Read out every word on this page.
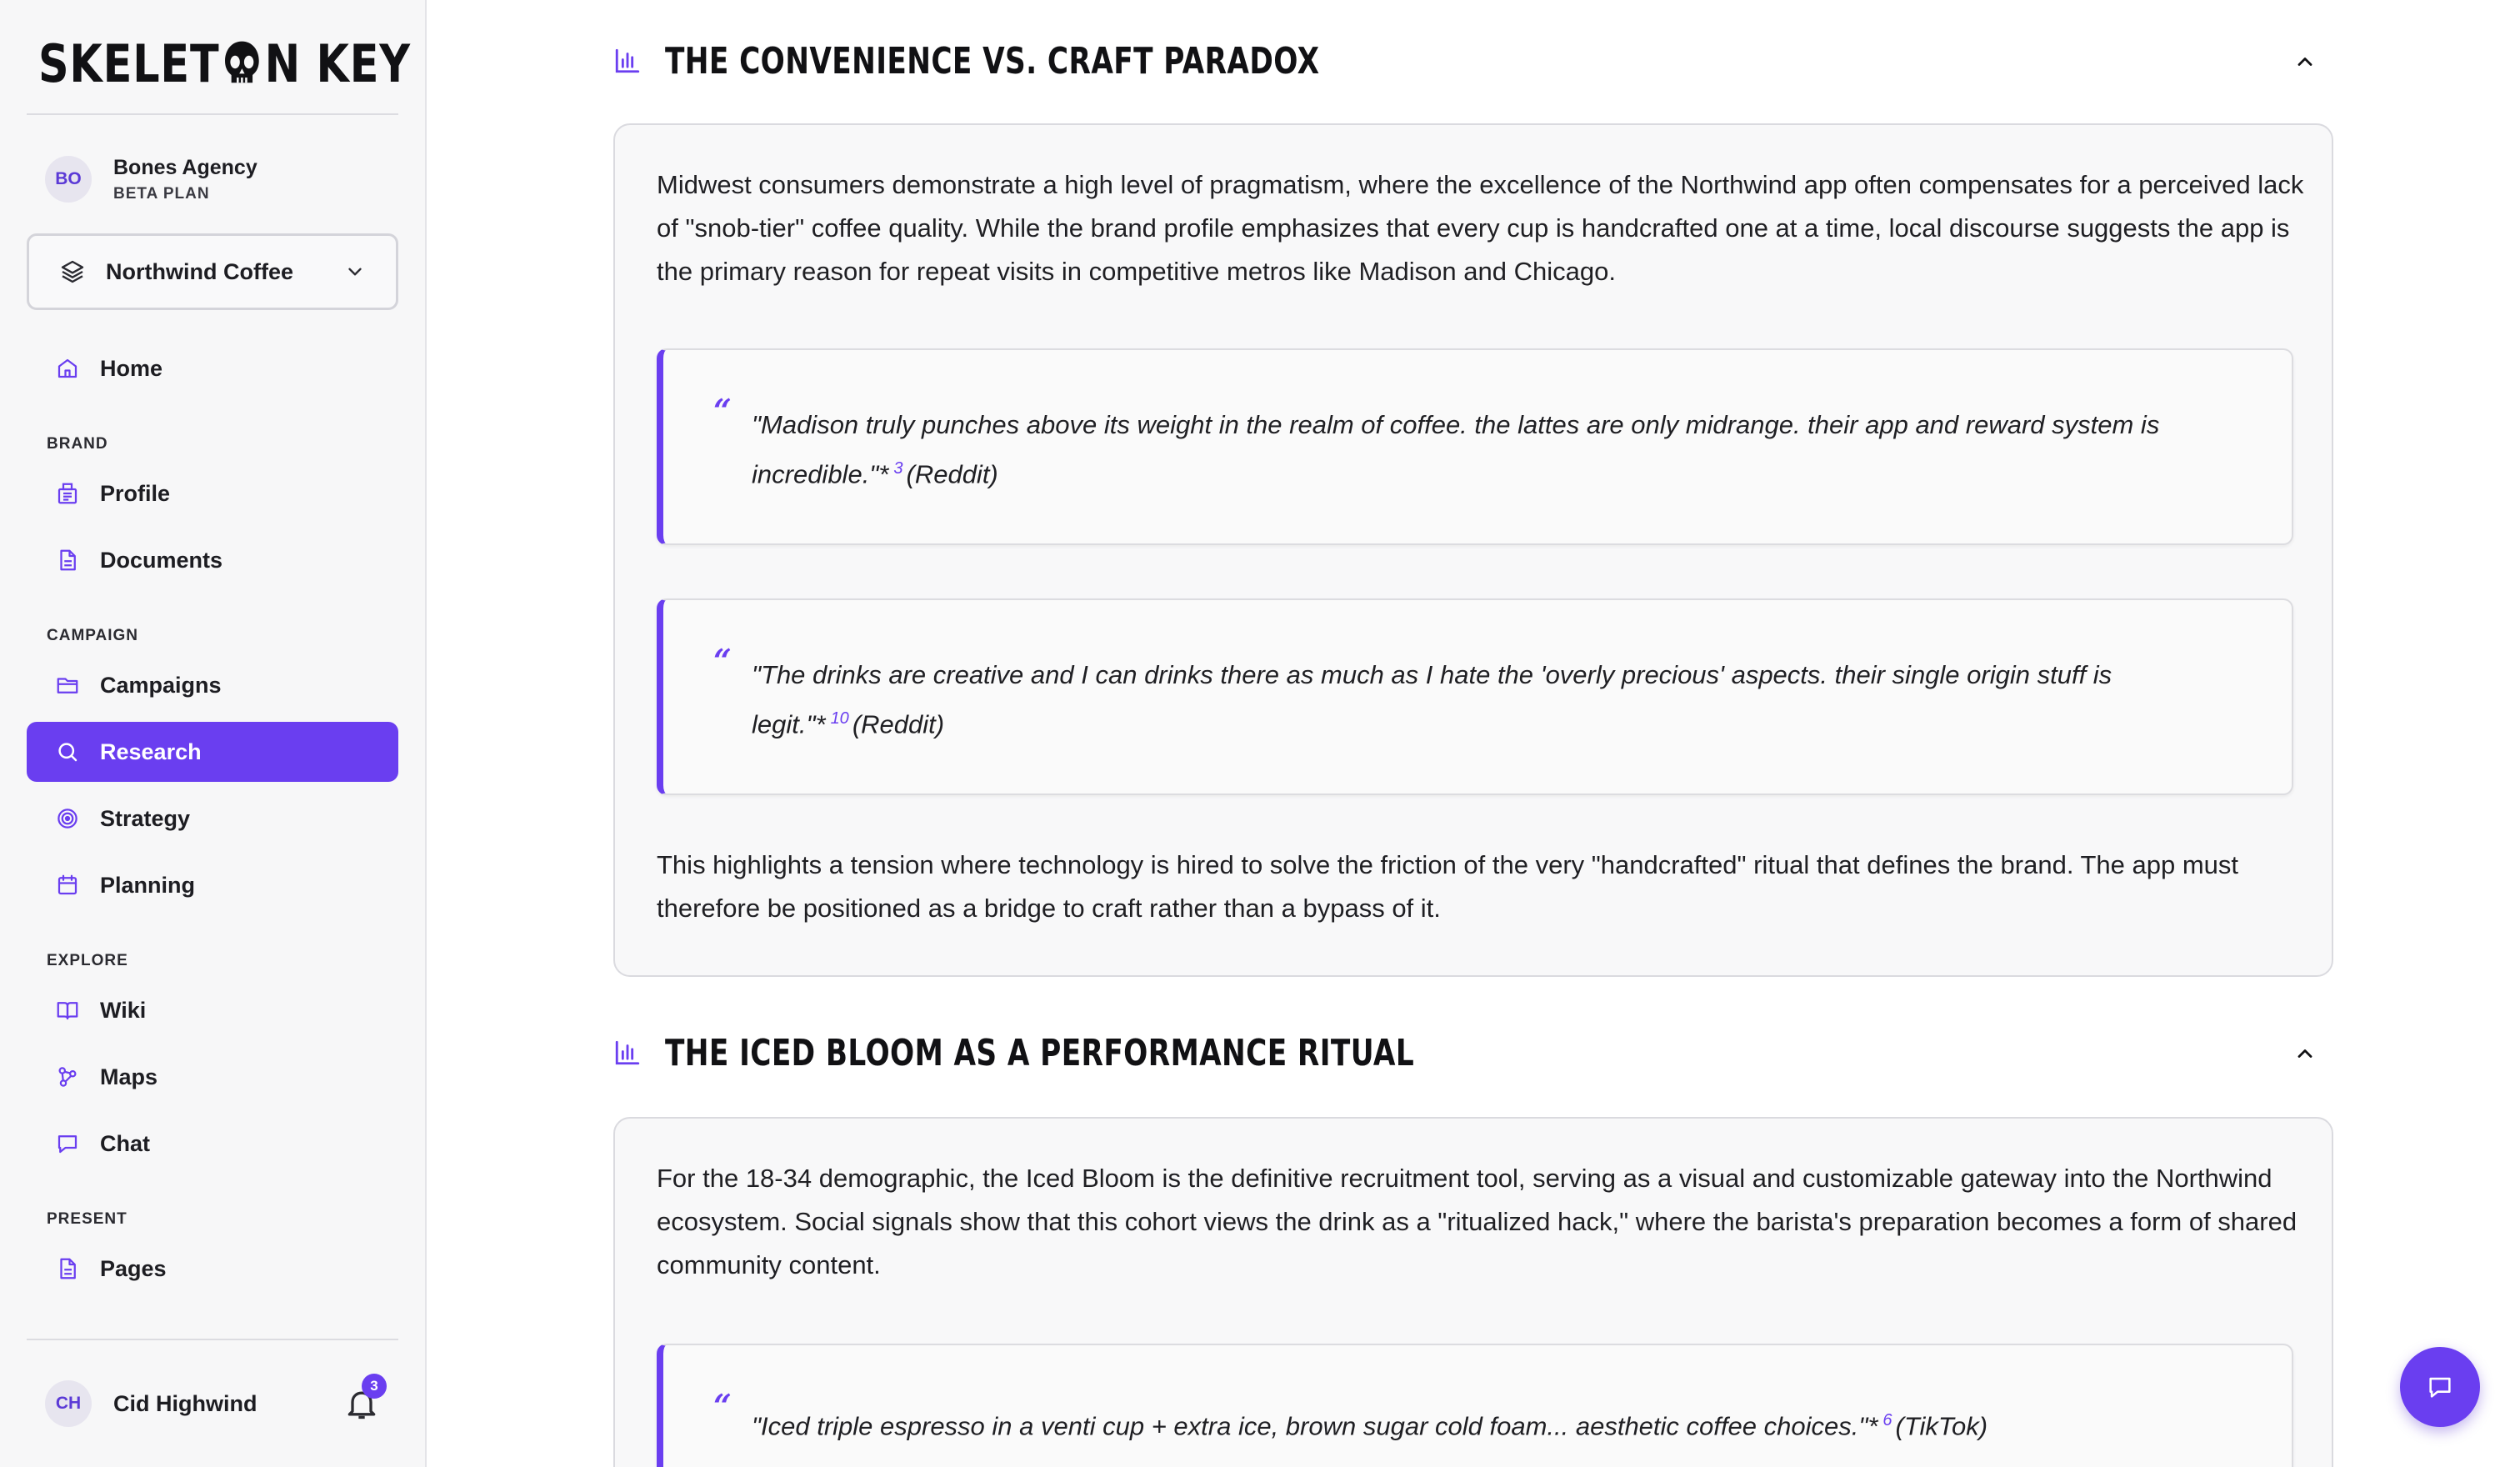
SKELET N KEY
BO	Bones Agency
BETA PLAN
Northwind Coffee
Home
BRAND
Profile
Documents
CAMPAIGN
Campaigns
Research
Strategy
Planning
EXPLORE
Wiki
Maps
Chat
PRESENT
Pages
CH	Cid Highwind
3
THE CONVENIENCE VS. CRAFT PARADOX

Midwest consumers demonstrate a high level of pragmatism, where the excellence of the Northwind app often compensates for a perceived lack of "snob-tier" coffee quality. While the brand profile emphasizes that every cup is handcrafted one at a time, local discourse suggests the app is the primary reason for repeat visits in competitive metros like Madison and Chicago.

“ "Madison truly punches above its weight in the realm of coffee. the lattes are only midrange. their app and reward system is incredible."* $^3$ (Reddit)

“ "The drinks are creative and I can drinks there as much as I hate the 'overly precious' aspects. their single origin stuff is legit."* $^{10}$ (Reddit)

This highlights a tension where technology is hired to solve the friction of the very "handcrafted" ritual that defines the brand. The app must therefore be positioned as a bridge to craft rather than a bypass of it.

THE ICED BLOOM AS A PERFORMANCE RITUAL

For the 18-34 demographic, the Iced Bloom is the definitive recruitment tool, serving as a visual and customizable gateway into the Northwind ecosystem. Social signals show that this cohort views the drink as a "ritualized hack," where the barista's preparation becomes a form of shared community content.

“

"Iced triple espresso in a venti cup + extra ice, brown sugar cold foam... aesthetic coffee choices."* $^6$ (TikTok)
